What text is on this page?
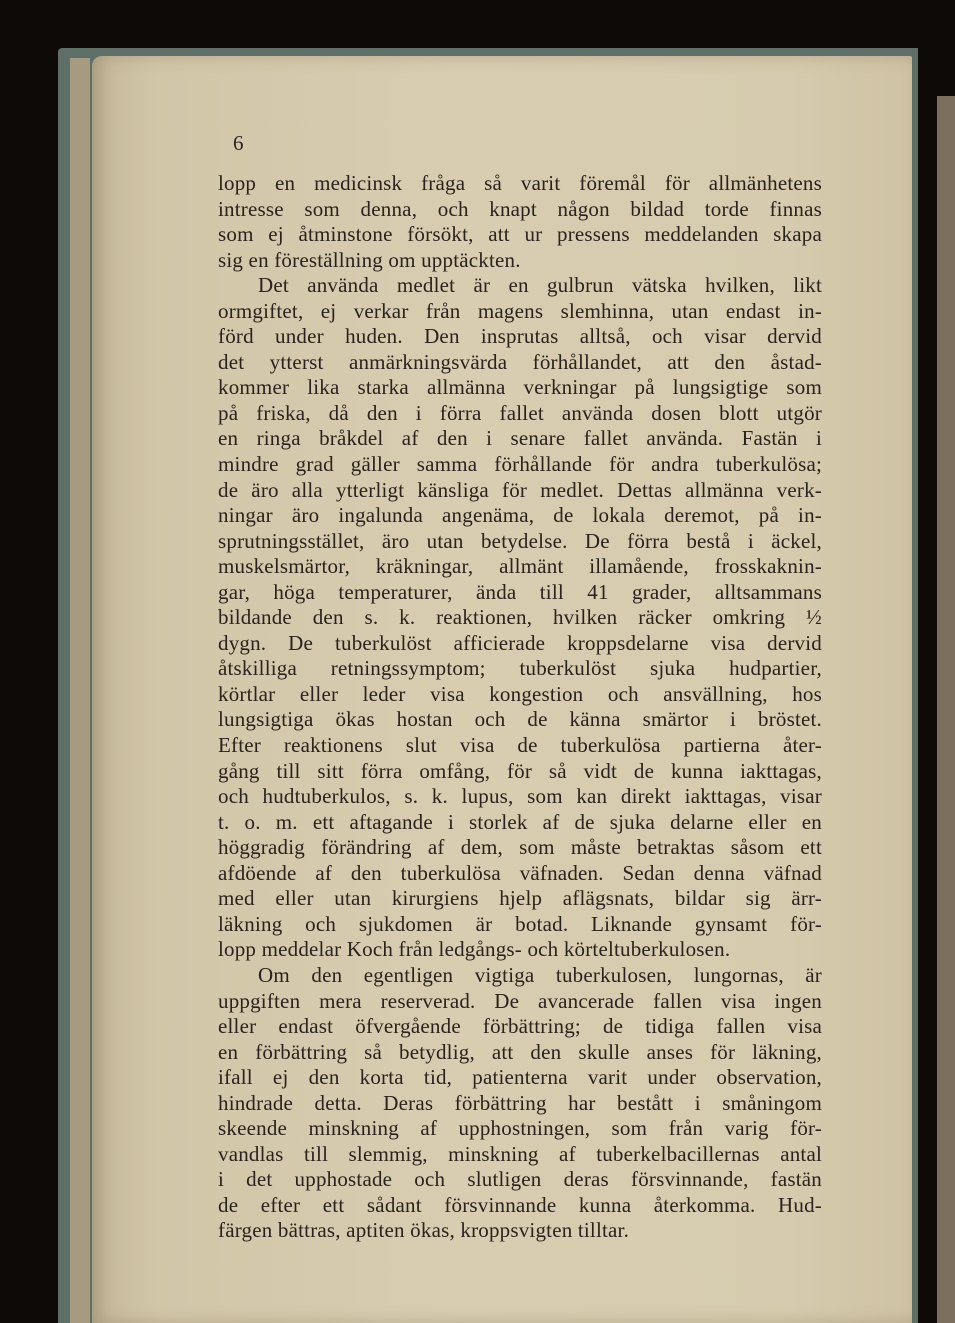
6
lopp en medicinsk fråga så varit föremål för allmänhetens
intresse som denna, och knapt någon bildad torde finnas
som ej åtminstone försökt, att ur pressens meddelanden skapa
sig en föreställning om upptäckten.
Det använda medlet är en gulbrun vätska hvilken, likt
ormgiftet, ej verkar från magens slemhinna, utan endast in-
förd under huden. Den insprutas alltså, och visar dervid
det ytterst anmärkningsvärda förhållandet, att den åstad-
kommer lika starka allmänna verkningar på lungsigtige som
på friska, då den i förra fallet använda dosen blott utgör
en ringa bråkdel af den i senare fallet använda. Fastän i
mindre grad gäller samma förhållande för andra tuberkulösa;
de äro alla ytterligt känsliga för medlet. Dettas allmänna verk-
ningar äro ingalunda angenäma, de lokala deremot, på in-
sprutningsstället, äro utan betydelse. De förra bestå i äckel,
muskelsmärtor, kräkningar, allmänt illamående, frosskaknin-
gar, höga temperaturer, ända till 41 grader, alltsammans
bildande den s. k. reaktionen, hvilken räcker omkring ½
dygn. De tuberkulöst afficierade kroppsdelarne visa dervid
åtskilliga retningssymptom; tuberkulöst sjuka hudpartier,
körtlar eller leder visa kongestion och ansvällning, hos
lungsigtiga ökas hostan och de känna smärtor i bröstet.
Efter reaktionens slut visa de tuberkulösa partierna åter-
gång till sitt förra omfång, för så vidt de kunna iakttagas,
och hudtuberkulos, s. k. lupus, som kan direkt iakttagas, visar
t. o. m. ett aftagande i storlek af de sjuka delarne eller en
höggradig förändring af dem, som måste betraktas såsom ett
afdöende af den tuberkulösa väfnaden. Sedan denna väfnad
med eller utan kirurgiens hjelp aflägsnats, bildar sig ärr-
läkning och sjukdomen är botad. Liknande gynsamt för-
lopp meddelar Koch från ledgångs- och körteltuberkulosen.
Om den egentligen vigtiga tuberkulosen, lungornas, är
uppgiften mera reserverad. De avancerade fallen visa ingen
eller endast öfvergående förbättring; de tidiga fallen visa
en förbättring så betydlig, att den skulle anses för läkning,
ifall ej den korta tid, patienterna varit under observation,
hindrade detta. Deras förbättring har bestått i småningom
skeende minskning af upphostningen, som från varig för-
vandlas till slemmig, minskning af tuberkelbacillernas antal
i det upphostade och slutligen deras försvinnande, fastän
de efter ett sådant försvinnande kunna återkomma. Hud-
färgen bättras, aptiten ökas, kroppsvigten tilltar.
